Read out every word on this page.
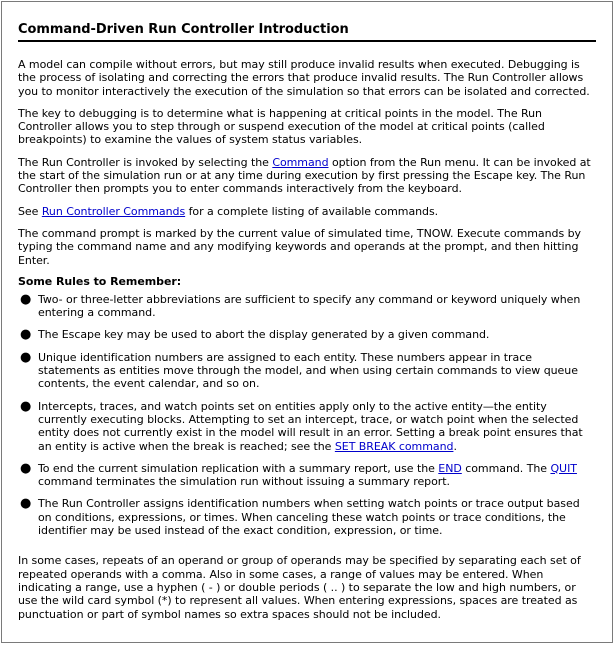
Command-Driven Run Controller Introduction

A model can compile without errors, but may still produce invalid results when executed. Debugging is the process of isolating and correcting the errors that produce invalid results. The Run Controller allows you to monitor interactively the execution of the simulation so that errors can be isolated and corrected.

The key to debugging is to determine what is happening at critical points in the model. The Run Controller allows you to step through or suspend execution of the model at critical points (called breakpoints) to examine the values of system status variables.

The Run Controller is invoked by selecting the Command option from the Run menu. It can be invoked at the start of the simulation run or at any time during execution by first pressing the Escape key. The Run Controller then prompts you to enter commands interactively from the keyboard.

See Run Controller Commands for a complete listing of available commands.

The command prompt is marked by the current value of simulated time, TNOW. Execute commands by typing the command name and any modifying keywords and operands at the prompt, and then hitting Enter.

Some Rules to Remember:
● Two- or three-letter abbreviations are sufficient to specify any command or keyword uniquely when entering a command.
● The Escape key may be used to abort the display generated by a given command.
● Unique identification numbers are assigned to each entity. These numbers appear in trace statements as entities move through the model, and when using certain commands to view queue contents, the event calendar, and so on.
● Intercepts, traces, and watch points set on entities apply only to the active entity—the entity currently executing blocks. Attempting to set an intercept, trace, or watch point when the selected entity does not currently exist in the model will result in an error. Setting a break point ensures that an entity is active when the break is reached; see the SET BREAK command.
● To end the current simulation replication with a summary report, use the END command. The QUIT command terminates the simulation run without issuing a summary report.
● The Run Controller assigns identification numbers when setting watch points or trace output based on conditions, expressions, or times. When canceling these watch points or trace conditions, the identifier may be used instead of the exact condition, expression, or time.

In some cases, repeats of an operand or group of operands may be specified by separating each set of repeated operands with a comma. Also in some cases, a range of values may be entered. When indicating a range, use a hyphen ( - ) or double periods ( .. ) to separate the low and high numbers, or use the wild card symbol (*) to represent all values. When entering expressions, spaces are treated as punctuation or part of symbol names so extra spaces should not be included.
